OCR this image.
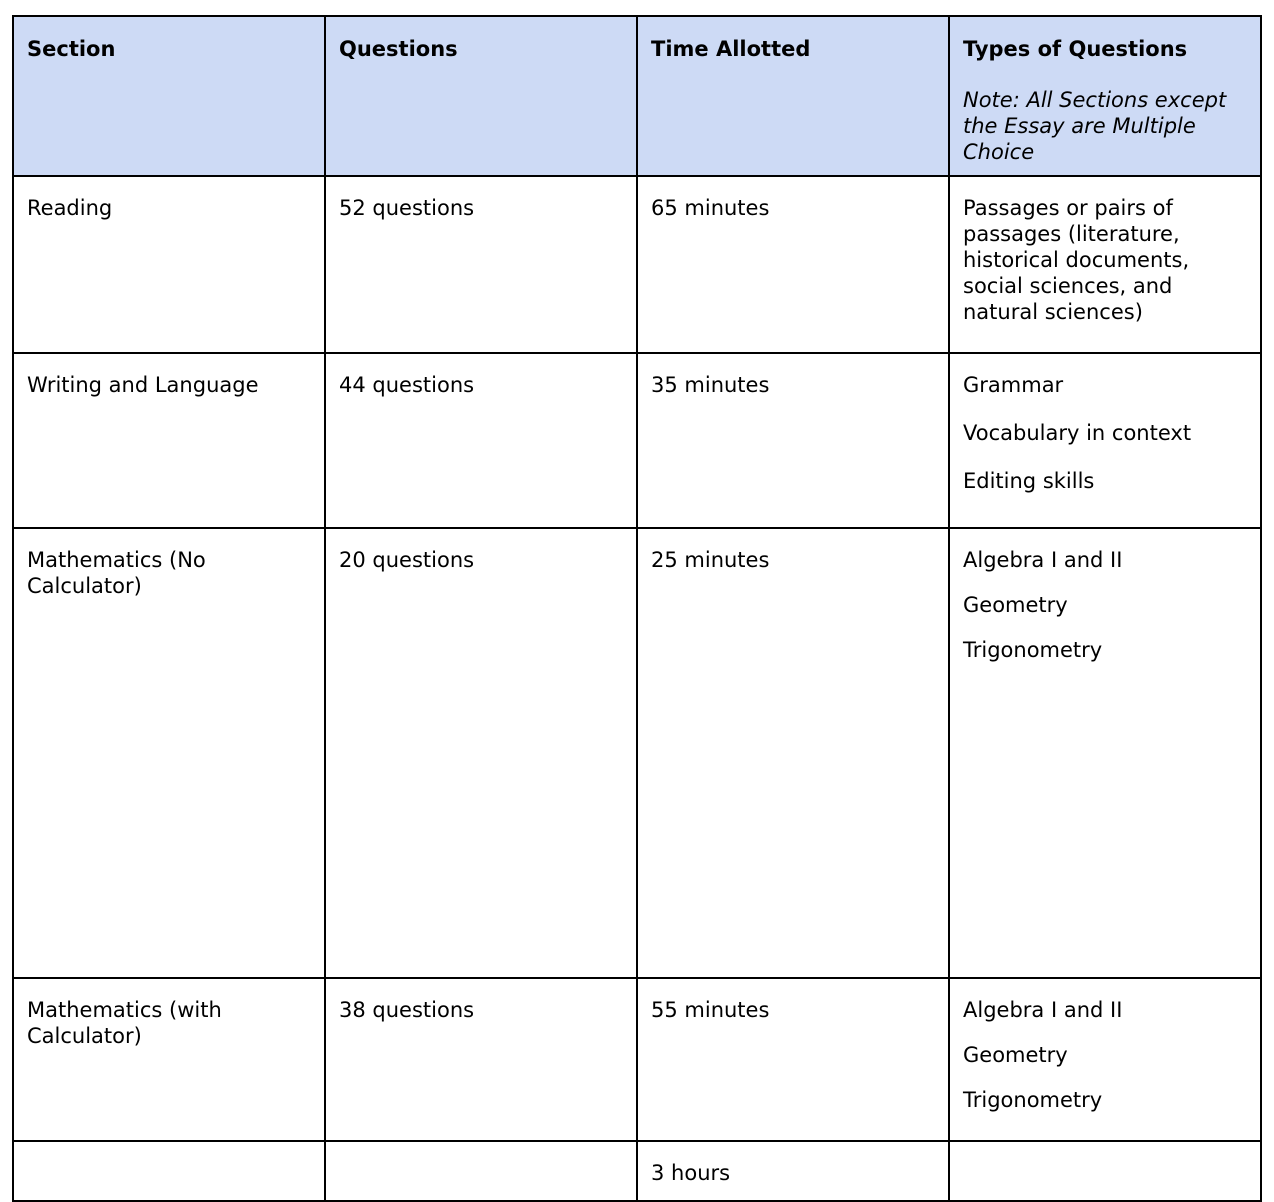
Section	Questions	Time Allotted	Types of Questions
Note: All Sections except the Essay are Multiple Choice

Reading	52 questions	65 minutes	Passages or pairs of passages (literature, historical documents, social sciences, and natural sciences)

Writing and Language	44 questions	35 minutes	Grammar
Vocabulary in context
Editing skills

Mathematics (No Calculator)	20 questions	25 minutes	Algebra I and II
Geometry
Trigonometry

Mathematics (with Calculator)	38 questions	55 minutes	Algebra I and II
Geometry
Trigonometry

		3 hours	
